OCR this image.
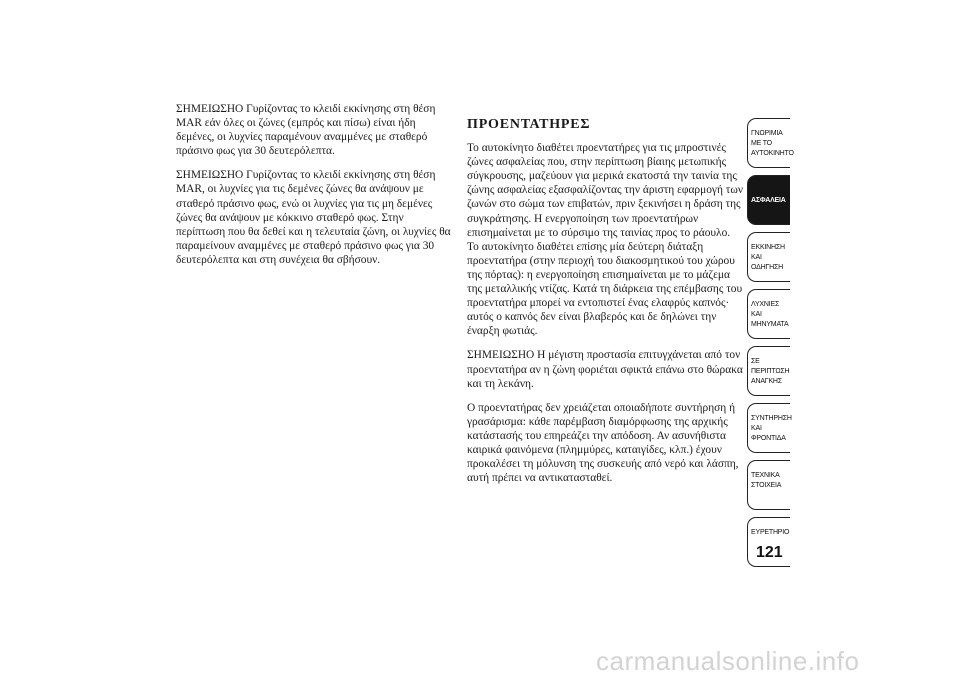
ΣΗΜΕΙΩΣΗΟ Γυρίζοντας το κλειδί εκκίνησης στη θέση MAR εάν όλες οι ζώνες (εμπρός και πίσω) είναι ήδη δεμένες, οι λυχνίες παραμένουν αναμμένες με σταθερό πράσινο φως για 30 δευτερόλεπτα.

ΣΗΜΕΙΩΣΗΟ Γυρίζοντας το κλειδί εκκίνησης στη θέση MAR, οι λυχνίες για τις δεμένες ζώνες θα ανάψουν με σταθερό πράσινο φως, ενώ οι λυχνίες για τις μη δεμένες ζώνες θα ανάψουν με κόκκινο σταθερό φως. Στην περίπτωση που θα δεθεί και η τελευταία ζώνη, οι λυχνίες θα παραμείνουν αναμμένες με σταθερό πράσινο φως για 30 δευτερόλεπτα και στη συνέχεια θα σβήσουν.

ΠΡΟΕΝΤΑΤΗΡΕΣ

Το αυτοκίνητο διαθέτει προεντατήρες για τις μπροστινές ζώνες ασφαλείας που, στην περίπτωση βίαιης μετωπικής σύγκρουσης, μαζεύουν για μερικά εκατοστά την ταινία της ζώνης ασφαλείας εξασφαλίζοντας την άριστη εφαρμογή των ζωνών στο σώμα των επιβατών, πριν ξεκινήσει η δράση της συγκράτησης. Η ενεργοποίηση των προεντατήρων επισημαίνεται με το σύρσιμο της ταινίας προς το ράουλο. Το αυτοκίνητο διαθέτει επίσης μία δεύτερη διάταξη προεντατήρα (στην περιοχή του διακοσμητικού του χώρου της πόρτας): η ενεργοποίηση επισημαίνεται με το μάζεμα της μεταλλικής ντίζας. Κατά τη διάρκεια της επέμβασης του προεντατήρα μπορεί να εντοπιστεί ένας ελαφρύς καπνός· αυτός ο καπνός δεν είναι βλαβερός και δε δηλώνει την έναρξη φωτιάς.

ΣΗΜΕΙΩΣΗΟ Η μέγιστη προστασία επιτυγχάνεται από τον προεντατήρα αν η ζώνη φοριέται σφικτά επάνω στο θώρακα και τη λεκάνη.

Ο προεντατήρας δεν χρειάζεται οποιαδήποτε συντήρηση ή γρασάρισμα: κάθε παρέμβαση διαμόρφωσης της αρχικής κατάστασής του επηρεάζει την απόδοση. Αν ασυνήθιστα καιρικά φαινόμενα (πλημμύρες, καταιγίδες, κλπ.) έχουν προκαλέσει τη μόλυνση της συσκευής από νερό και λάσπη, αυτή πρέπει να αντικατασταθεί.

ΓΝΩΡΙΜΙΑ ΜΕ ΤΟ
ΑΥΤΟΚΙΝΗΤΟ
ΑΣΦΑΛΕΙΑ
ΕΚΚΙΝΗΣΗ ΚΑΙ
ΟΔΗΓΗΣΗ
ΛΥΧΝΙΕΣ ΚΑΙ
ΜΗΝΥΜΑΤΑ
ΣΕ ΠΕΡΙΠΤΩΣΗ
ΑΝΑΓΚΗΣ
ΣΥΝΤΗΡΗΣΗ ΚΑΙ
ΦΡΟΝΤΙΔΑ
ΤΕΧΝΙΚΑ ΣΤΟΙΧΕΙΑ
ΕΥΡΕΤΗΡΙΟ
121
carmanualsonline.info
